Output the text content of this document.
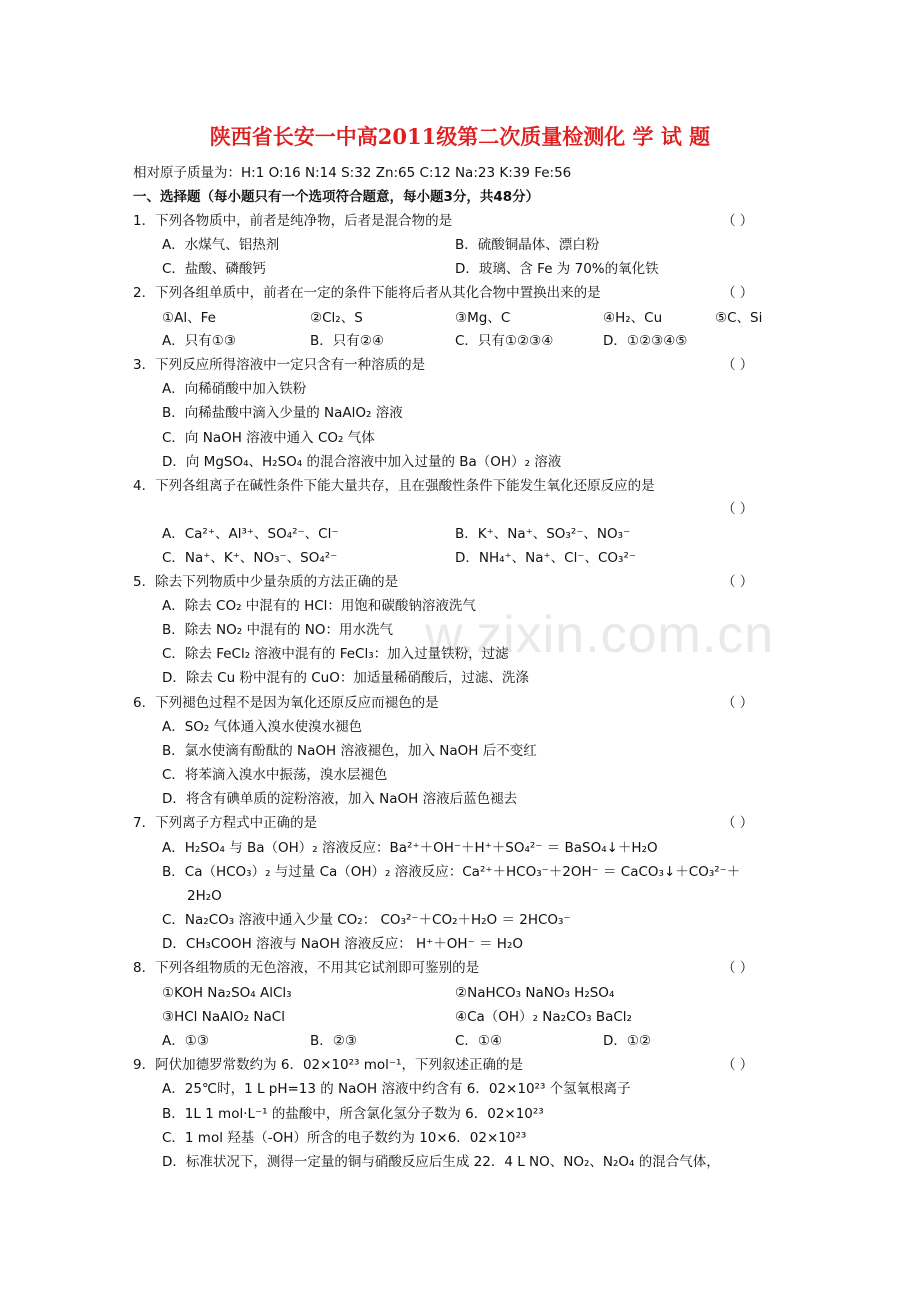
w.zixin.com.cn
陕西省长安一中高2011级第二次质量检测化 学 试 题
相对原子质量为：H:1 O:16 N:14 S:32 Zn:65 C:12 Na:23 K:39 Fe:56
一、选择题（每小题只有一个选项符合题意，每小题3分，共48分）
1．下列各物质中，前者是纯净物，后者是混合物的是	（ ）
A．水煤气、铝热剂	B．硫酸铜晶体、漂白粉
C．盐酸、磷酸钙	D．玻璃、含 Fe 为 70%的氧化铁
2．下列各组单质中，前者在一定的条件下能将后者从其化合物中置换出来的是	（ ）
①Al、Fe	②Cl₂、S	③Mg、C	④H₂、Cu	⑤C、Si
A．只有①③	B．只有②④	C．只有①②③④	D．①②③④⑤
3．下列反应所得溶液中一定只含有一种溶质的是	（ ）
A．向稀硝酸中加入铁粉
B．向稀盐酸中滴入少量的 NaAlO₂ 溶液
C．向 NaOH 溶液中通入 CO₂ 气体
D．向 MgSO₄、H₂SO₄ 的混合溶液中加入过量的 Ba（OH）₂ 溶液
4．下列各组离子在碱性条件下能大量共存，且在强酸性条件下能发生氧化还原反应的是
（ ）
A．Ca²⁺、Al³⁺、SO₄²⁻、Cl⁻	B．K⁺、Na⁺、SO₃²⁻、NO₃⁻
C．Na⁺、K⁺、NO₃⁻、SO₄²⁻	D．NH₄⁺、Na⁺、Cl⁻、CO₃²⁻
5．除去下列物质中少量杂质的方法正确的是	（ ）
A．除去 CO₂ 中混有的 HCl：用饱和碳酸钠溶液洗气
B．除去 NO₂ 中混有的 NO：用水洗气
C．除去 FeCl₂ 溶液中混有的 FeCl₃：加入过量铁粉，过滤
D．除去 Cu 粉中混有的 CuO：加适量稀硝酸后，过滤、洗涤
6．下列褪色过程不是因为氧化还原反应而褪色的是	（ ）
A．SO₂ 气体通入溴水使溴水褪色
B．氯水使滴有酚酞的 NaOH 溶液褪色，加入 NaOH 后不变红
C．将苯滴入溴水中振荡，溴水层褪色
D．将含有碘单质的淀粉溶液，加入 NaOH 溶液后蓝色褪去
7．下列离子方程式中正确的是	（ ）
A．H₂SO₄ 与 Ba（OH）₂ 溶液反应：Ba²⁺＋OH⁻＋H⁺＋SO₄²⁻ ＝ BaSO₄↓＋H₂O
B．Ca（HCO₃）₂ 与过量 Ca（OH）₂ 溶液反应：Ca²⁺＋HCO₃⁻＋2OH⁻ ＝ CaCO₃↓＋CO₃²⁻＋
2H₂O
C．Na₂CO₃ 溶液中通入少量 CO₂： CO₃²⁻＋CO₂＋H₂O ＝ 2HCO₃⁻
D．CH₃COOH 溶液与 NaOH 溶液反应： H⁺＋OH⁻ ＝ H₂O
8．下列各组物质的无色溶液，不用其它试剂即可鉴别的是	（ ）
①KOH Na₂SO₄ AlCl₃	②NaHCO₃ NaNO₃ H₂SO₄
③HCl NaAlO₂ NaCl	④Ca（OH）₂ Na₂CO₃ BaCl₂
A．①③	B．②③	C．①④	D．①②
9．阿伏加德罗常数约为 6．02×10²³ mol⁻¹，下列叙述正确的是	（ ）
A．25℃时，1 L pH=13 的 NaOH 溶液中约含有 6．02×10²³ 个氢氧根离子
B．1L 1 mol·L⁻¹ 的盐酸中，所含氯化氢分子数为 6．02×10²³
C．1 mol 羟基（-OH）所含的电子数约为 10×6．02×10²³
D．标准状况下，测得一定量的铜与硝酸反应后生成 22．4 L NO、NO₂、N₂O₄ 的混合气体，
